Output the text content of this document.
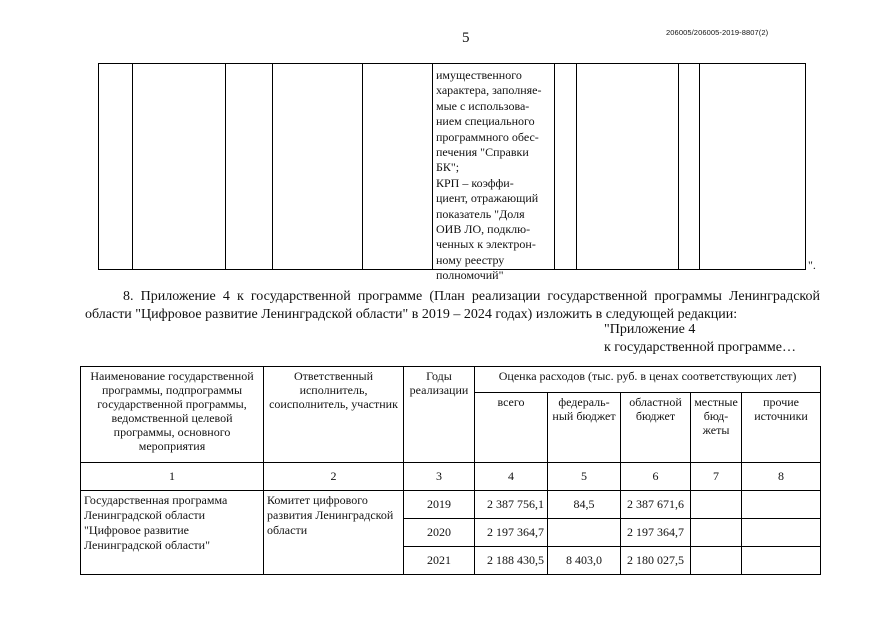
5	206005/206005-2019-8807(2)
имущественного
характера, заполняе-
мые с использова-
нием специального
программного обес-
печения "Справки
БК";
КРП – коэффи-
циент, отражающий
показатель "Доля
ОИВ ЛО, подклю-
ченных к электрон-
ному реестру
полномочий"
".
8. Приложение 4 к государственной программе (План реализации государственной программы Ленинградской области "Цифровое развитие Ленинградской области" в 2019 – 2024 годах) изложить в следующей редакции:
"Приложение 4
к государственной программе…
Наименование государственной программы, подпрограммы государственной программы, ведомственной целевой программы, основного мероприятия	Ответственный исполнитель, соисполнитель, участник	Годы реализации	Оценка расходов (тыс. руб. в ценах соответствующих лет)				
			всего	федераль-ный бюджет	областной бюджет	местные бюд-жеты	прочие источники
1	2	3	4	5	6	7	8
Государственная программа Ленинградской области "Цифровое развитие Ленинградской области"	Комитет цифрового развития Ленинградской области	2019	2 387 756,1	84,5	2 387 671,6		
		2020	2 197 364,7		2 197 364,7		
		2021	2 188 430,5	8 403,0	2 180 027,5		
